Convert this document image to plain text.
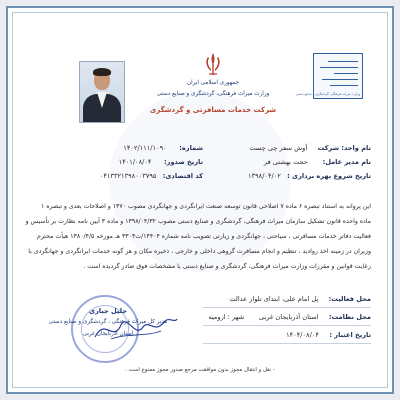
جمهوری اسلامی ایران
وزارت میراث فرهنگی، گردشگری و صنایع دستی
شرکت خدمات مسافرتی و گردشگری
وزارت میراث فرهنگی، گردشگری و صنایع دستی
نام واحد: شرکت     آوش سفر چی چست
نام مدیر عامل:       حجت بهشتی فر
تاریخ شروع بهره برداری :   ۱۳۹۸/۰۴/۰۲
شماره:      ۱۴۰۲/۱۱۱/۱۰۹۰
تاریخ صدور:      ۱۴۰۱/۰۸/۰۴
کد اقتصادی:   ۰۴۱۳۳۲۱۳۹۸۰۰۳۷۹۵
این پروانه به استناد تبصره ۶ ماده ۷ اصلاحی قانون توسعه صنعت ایرانگردی و جهانگردی مصوب ۱۳۷۰ و اصلاحات بعدی و تبصره ۱
ماده واحده قانون تشکیل سازمان میراث فرهنگی، گردشگری و صنایع دستی مصوب ۱۳۹۸/۰۴/۳۲ و ماده ۳ آیین نامه نظارت بر تأسیس و
فعالیت دفاتر خدمات مسافرتی ، سیاحتی ، جهانگردی و زیارتی تصویب نامه شماره ۱۴۴۰۴/ت۳۳۰۳ هـ مورخه ۱۳۸۰/۴/۵ هیأت محترم
وزیران در زمینه اخذ روادید ، تنظیم و انجام مسافرت گروهی داخلی و خارجی ، ذخیره مکان و هر گونه خدمات ایرانگردی و جهانگردی با
رعایت قوانین و مقررات وزارت میراث فرهنگی، گردشگری و صنایع دستی با مشخصات فوق صادر گردیده است .
محل فعالیت:     پل امام علی، ابتدای تلوار عدالت
محل نظامت:     استان آذربایجان غربی       شهر : ارومیه
تاریخ اعتبار :     ۱۴۰۴/۰۸/۰۴
جلیل جباری
مدیر کل میراث فرهنگی ، گردشگری و صنایع دستی
استان آذربایجان غربی
- نقل و انتقال مجوز بدون موافقت مرجع صدور مجوز ممنوع است .
